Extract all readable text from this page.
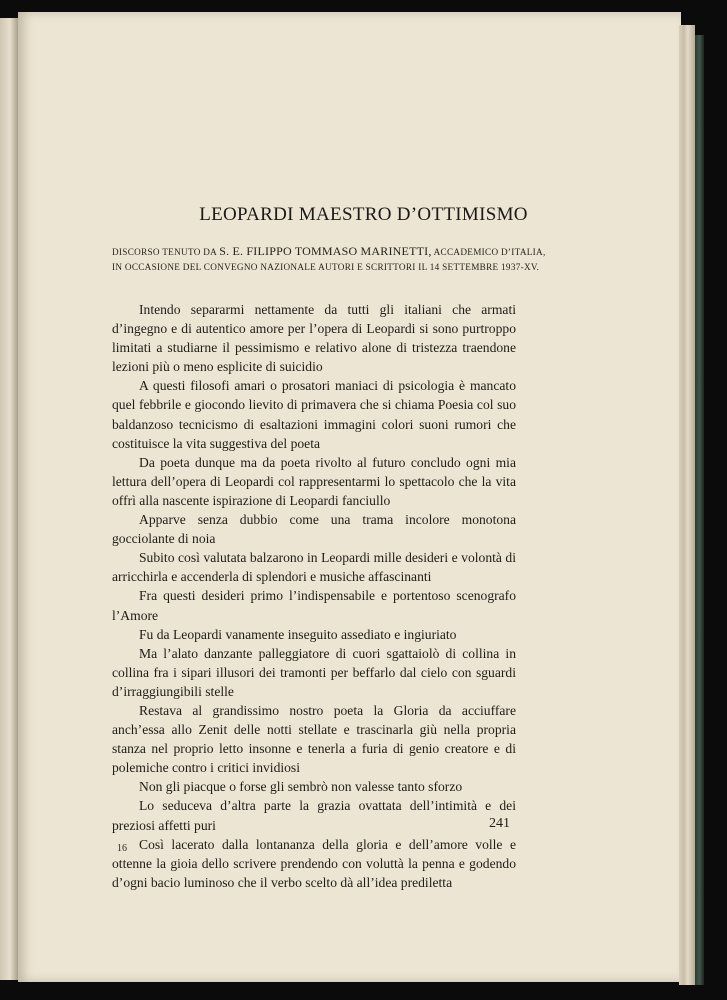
LEOPARDI MAESTRO D’OTTIMISMO
DISCORSO TENUTO DA S. E. FILIPPO TOMMASO MARINETTI, ACCADEMICO D’ITALIA,
IN OCCASIONE DEL CONVEGNO NAZIONALE AUTORI E SCRITTORI IL 14 SETTEMBRE 1937-XV.

Intendo separarmi nettamente da tutti gli italiani che armati d’ingegno e di autentico amore per l’opera di Leopardi si sono purtroppo limitati a studiarne il pessimismo e relativo alone di tristezza traendone lezioni più o meno esplicite di suicidio

A questi filosofi amari o prosatori maniaci di psicologia è mancato quel febbrile e giocondo lievito di primavera che si chiama Poesia col suo baldanzoso tecnicismo di esaltazioni immagini colori suoni rumori che costituisce la vita suggestiva del poeta

Da poeta dunque ma da poeta rivolto al futuro concludo ogni mia lettura dell’opera di Leopardi col rappresentarmi lo spettacolo che la vita offrì alla nascente ispirazione di Leopardi fanciullo

Apparve senza dubbio come una trama incolore monotona gocciolante di noia

Subito così valutata balzarono in Leopardi mille desideri e volontà di arricchirla e accenderla di splendori e musiche affascinanti

Fra questi desideri primo l’indispensabile e portentoso scenografo l’Amore

Fu da Leopardi vanamente inseguito assediato e ingiuriato

Ma l’alato danzante palleggiatore di cuori sgattaiolò di collina in collina fra i sipari illusori dei tramonti per beffarlo dal cielo con sguardi d’irraggiungibili stelle

Restava al grandissimo nostro poeta la Gloria da acciuffare anch’essa allo Zenit delle notti stellate e trascinarla giù nella propria stanza nel proprio letto insonne e tenerla a furia di genio creatore e di polemiche contro i critici invidiosi

Non gli piacque o forse gli sembrò non valesse tanto sforzo

Lo seduceva d’altra parte la grazia ovattata dell’intimità e dei preziosi affetti puri

Così lacerato dalla lontananza della gloria e dell’amore volle e ottenne la gioia dello scrivere prendendo con voluttà la penna e godendo d’ogni bacio luminoso che il verbo scelto dà all’idea prediletta

241
16
